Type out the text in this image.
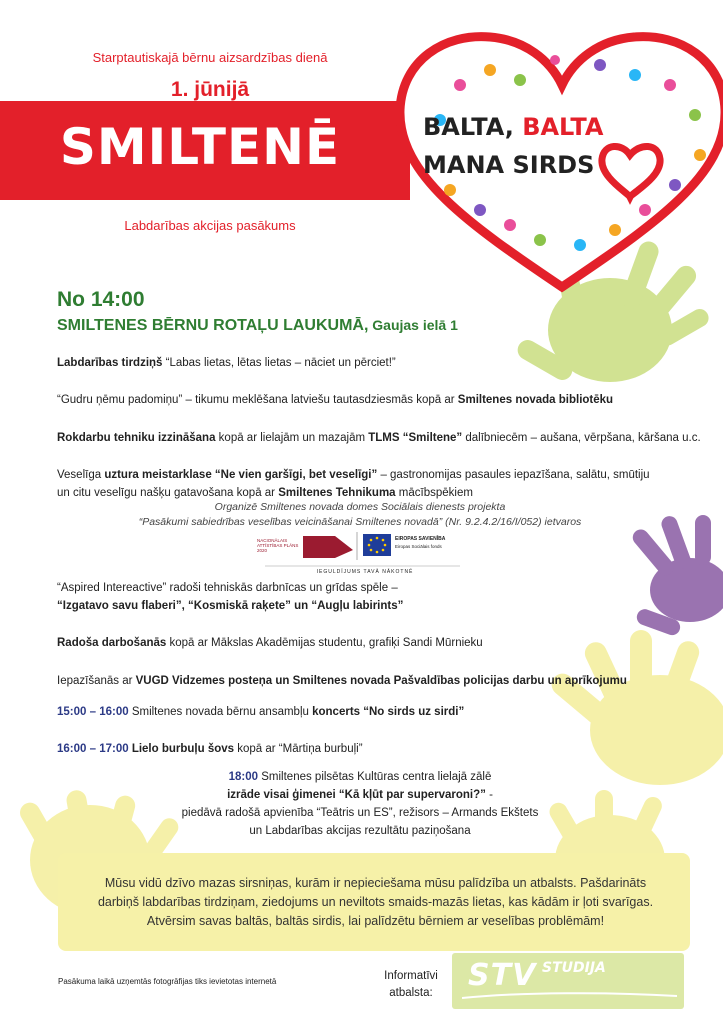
Starptautiskajā bērnu aizsardzības dienā
1. jūnijā
SMILTENĒ
Labdarības akcijas pasākums
BALTA, BALTA
MANA SIRDS
No 14:00
SMILTENES BĒRNU ROTAĻU LAUKUMĀ, Gaujas ielā 1
Labdarības tirdziņš “Labas lietas, lētas lietas – nāciet un pērciet!”
“Gudru ņēmu padomiņu” – tikumu meklēšana latviešu tautasdziesmās kopā ar Smiltenes novada bibliotēku
Rokdarbu tehniku izzināšana kopā ar lielajām un mazajām TLMS “Smiltene” dalībniecēm – aušana, vērpšana, kāršana u.c.
Veselīga uztura meistarklase “Ne vien garšīgi, bet veselīgi” – gastronomijas pasaules iepazīšana, salātu, smūtiju
un citu veselīgu našķu gatavošana kopā ar Smiltenes Tehnikuma mācībspēkiem
Organizē Smiltenes novada domes Sociālais dienests projekta
“Pasākumi sabiedrības veselības veicināšanai Smiltenes novadā” (Nr. 9.2.4.2/16/I/052) ietvaros
NACIONĀLAIS ATTĪSTĪBAS PLĀNS 2020
EIROPAS SAVIENĪBA
Eiropas Sociālais fonds
IEGULDĪJUMS TAVĀ NĀKOTNĒ
“Aspired Intereactive” radoši tehniskās darbnīcas un grīdas spēle –
“Izgatavo savu flaberi”, “Kosmiskā raķete” un “Augļu labirints”
Radoša darbošanās kopā ar Mākslas Akadēmijas studentu, grafiķi Sandi Mūrnieku
Iepazīšanās ar VUGD Vidzemes posteņa un Smiltenes novada Pašvaldības policijas darbu un aprīkojumu
15:00 – 16:00 Smiltenes novada bērnu ansambļu koncerts “No sirds uz sirdi”
16:00 – 17:00 Lielo burbuļu šovs kopā ar “Mārtiņa burbuļi”
18:00 Smiltenes pilsētas Kultūras centra lielajā zālē
izrāde visai ģimenei “Kā kļūt par supervaroni?” -
piedāvā radošā apvienība “Teātris un ES”, režisors – Armands Ekštets
un Labdarības akcijas rezultātu paziņošana
Mūsu vidū dzīvo mazas sirsniņas, kurām ir nepieciešama mūsu palīdzība un atbalsts. Pašdarināts
darbiņš labdarības tirdziņam, ziedojums un neviltots smaids-mazās lietas, kas kādām ir ļoti svarīgas.
Atvērsim savas baltās, baltās sirdis, lai palīdzētu bērniem ar veselības problēmām!
Pasākuma laikā uzņemtās fotogrāfijas tiks ievietotas internetā	Informatīvi
atbalsta:	STV STUDIJA
